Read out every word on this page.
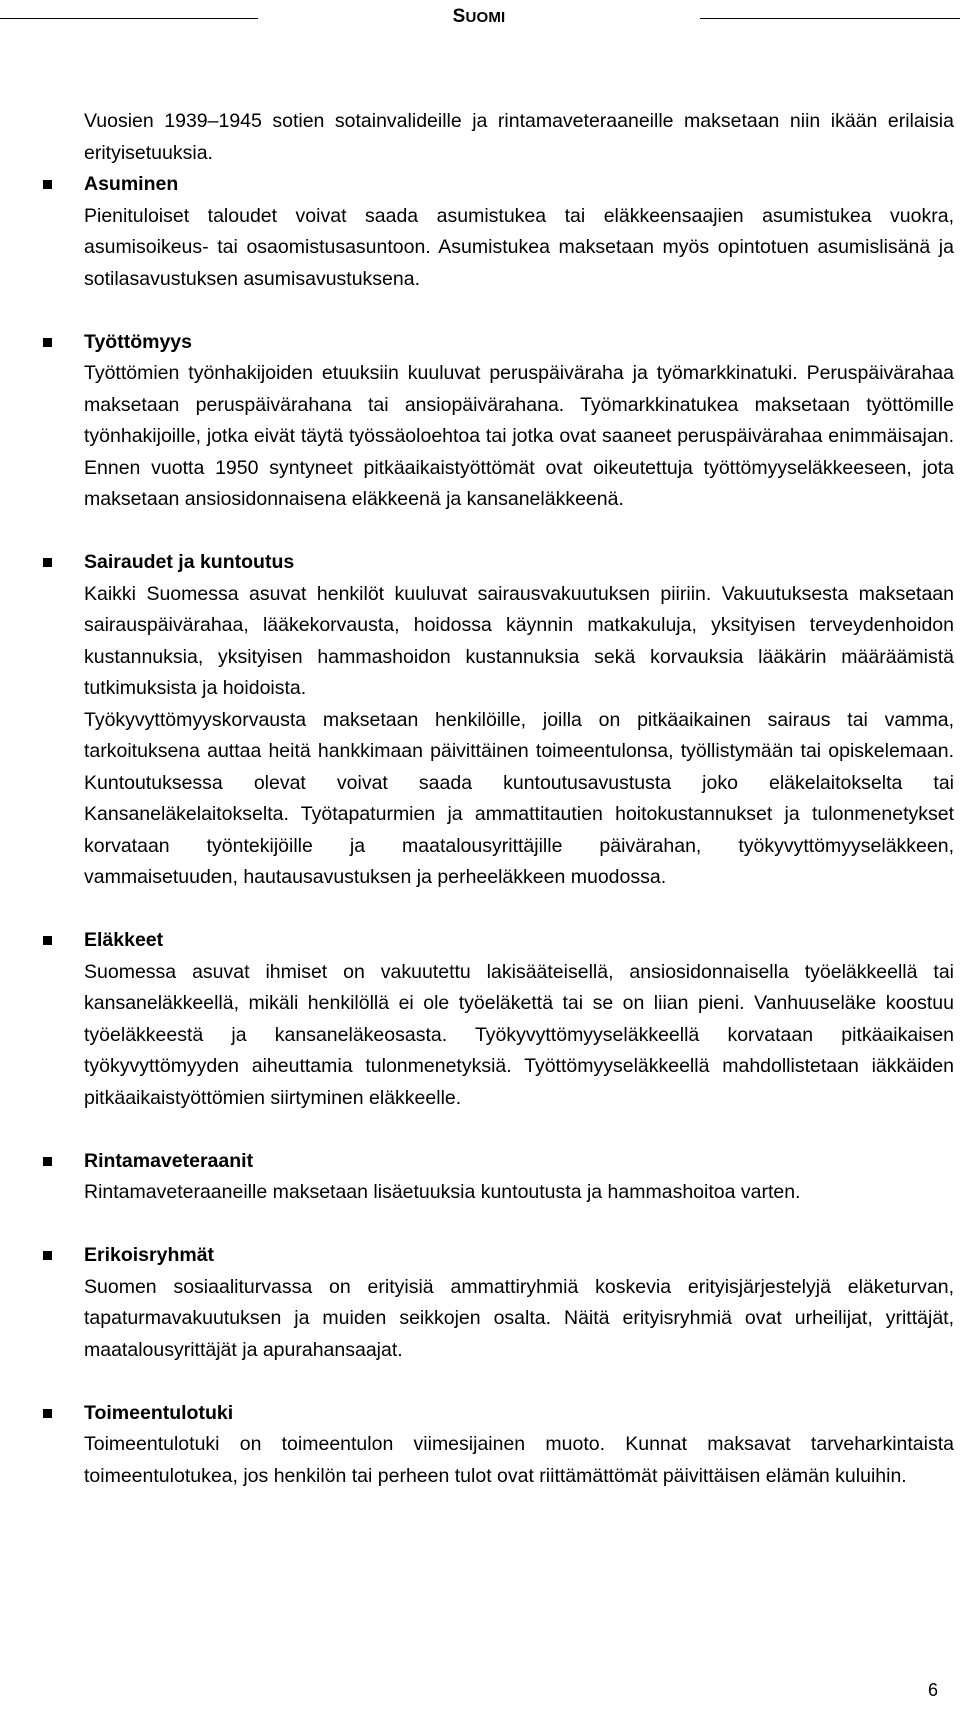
SUOMI

Vuosien 1939–1945 sotien sotainvalideille ja rintamaveteraaneille maksetaan niin ikään erilaisia erityisetuuksia.

Asuminen

Pienituloiset taloudet voivat saada asumistukea tai eläkkeensaajien asumistukea vuokra, asumisoikeus- tai osaomistusasuntoon. Asumistukea maksetaan myös opintotuen asumislisänä ja sotilasavustuksen asumisavustuksena.

Työttömyys

Työttömien työnhakijoiden etuuksiin kuuluvat peruspäiväraha ja työmarkkinatuki. Peruspäivärahaa maksetaan peruspäivärahana tai ansiopäivärahana. Työmarkkinatukea maksetaan työttömille työnhakijoille, jotka eivät täytä työssäoloehtoa tai jotka ovat saaneet peruspäivärahaa enimmäisajan. Ennen vuotta 1950 syntyneet pitkäaikaistyöttömät ovat oikeutettuja työttömyyseläkkeeseen, jota maksetaan ansiosidonnaisena eläkkeenä ja kansaneläkkeenä.

Sairaudet ja kuntoutus

Kaikki Suomessa asuvat henkilöt kuuluvat sairausvakuutuksen piiriin. Vakuutuksesta maksetaan sairauspäivärahaa, lääkekorvausta, hoidossa käynnin matkakuluja, yksityisen terveydenhoidon kustannuksia, yksityisen hammashoidon kustannuksia sekä korvauksia lääkärin määräämistä tutkimuksista ja hoidoista.

Työkyvyttömyyskorvausta maksetaan henkilöille, joilla on pitkäaikainen sairaus tai vamma, tarkoituksena auttaa heitä hankkimaan päivittäinen toimeentulonsa, työllistymään tai opiskelemaan. Kuntoutuksessa olevat voivat saada kuntoutusavustusta joko eläkelaitokselta tai Kansaneläkelaitokselta. Työtapaturmien ja ammattitautien hoitokustannukset ja tulonmenetykset korvataan työntekijöille ja maatalousyrittäjille päivärahan, työkyvyttömyyseläkkeen, vammaisetuuden, hautausavustuksen ja perheeläkkeen muodossa.

Eläkkeet

Suomessa asuvat ihmiset on vakuutettu lakisääteisellä, ansiosidonnaisella työeläkkeellä tai kansaneläkkeellä, mikäli henkilöllä ei ole työeläkettä tai se on liian pieni. Vanhuuseläke koostuu työeläkkeestä ja kansaneläkeosasta. Työkyvyttömyyseläkkeellä korvataan pitkäaikaisen työkyvyttömyyden aiheuttamia tulonmenetyksiä. Työttömyyseläkkeellä mahdollistetaan iäkkäiden pitkäaikaistyöttömien siirtyminen eläkkeelle.

Rintamaveteraanit

Rintamaveteraaneille maksetaan lisäetuuksia kuntoutusta ja hammashoitoa varten.

Erikoisryhmät

Suomen sosiaaliturvassa on erityisiä ammattiryhmiä koskevia erityisjärjestelyjä eläketurvan, tapaturmavakuutuksen ja muiden seikkojen osalta. Näitä erityisryhmiä ovat urheilijat, yrittäjät, maatalousyrittäjät ja apurahansaajat.

Toimeentulotuki

Toimeentulotuki on toimeentulon viimesijainen muoto. Kunnat maksavat tarveharkintaista toimeentulotukea, jos henkilön tai perheen tulot ovat riittämättömät päivittäisen elämän kuluihin.

6
